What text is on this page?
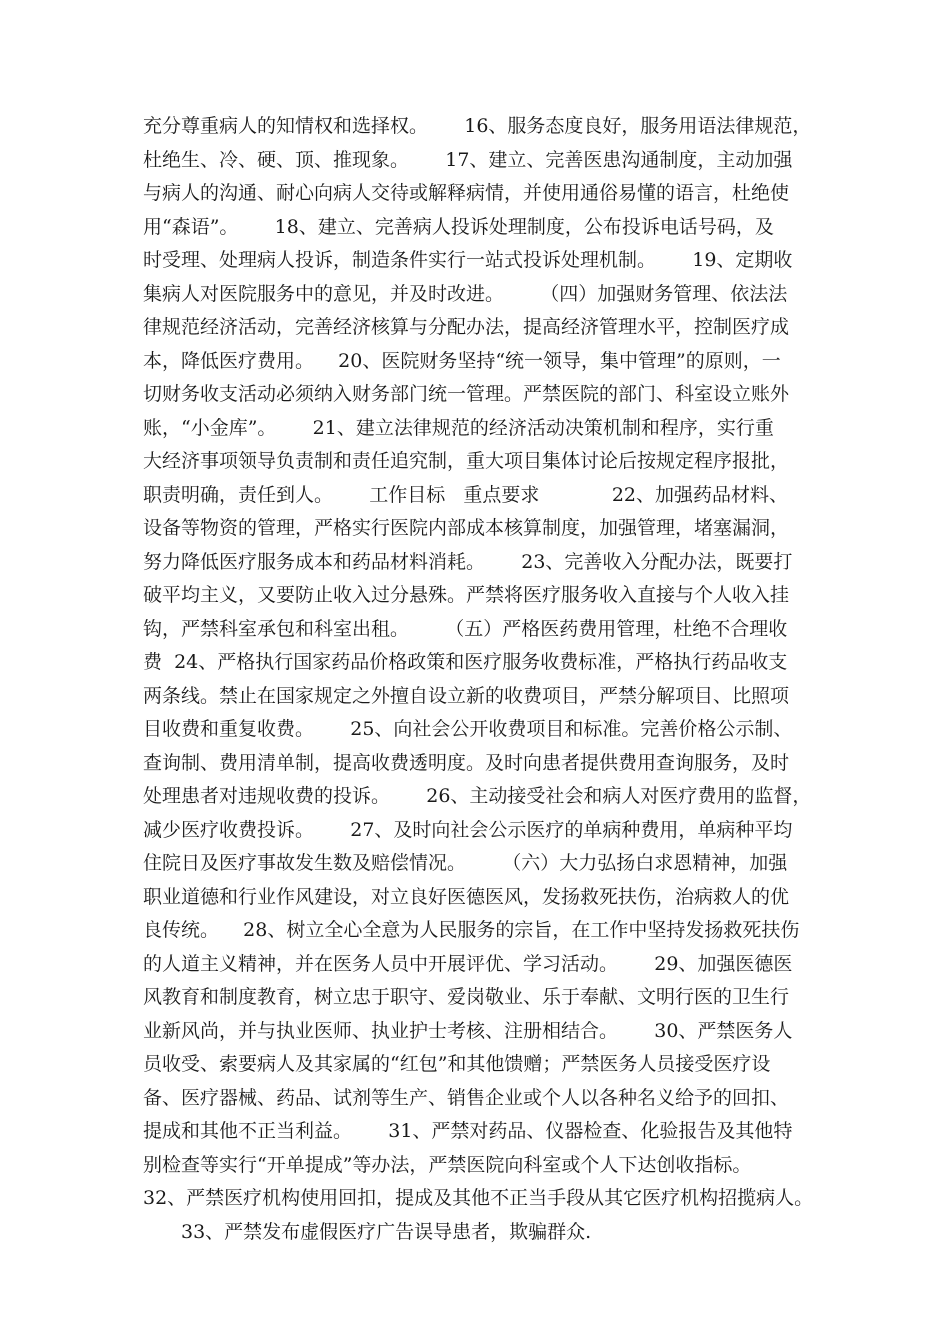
充分尊重病人的知情权和选择权。      16、服务态度良好，服务用语法律规范，
杜绝生、冷、硬、顶、推现象。      17、建立、完善医患沟通制度，主动加强
与病人的沟通、耐心向病人交待或解释病情，并使用通俗易懂的语言，杜绝使
用“森语”。      18、建立、完善病人投诉处理制度，公布投诉电话号码，及
时受理、处理病人投诉，制造条件实行一站式投诉处理机制。      19、定期收
集病人对医院服务中的意见，并及时改进。      （四）加强财务管理、依法法
律规范经济活动，完善经济核算与分配办法，提高经济管理水平，控制医疗成
本，降低医疗费用。    20、医院财务坚持“统一领导，集中管理”的原则，一
切财务收支活动必须纳入财务部门统一管理。严禁医院的部门、科室设立账外
账，“小金库”。      21、建立法律规范的经济活动决策机制和程序，实行重
大经济事项领导负责制和责任追究制，重大项目集体讨论后按规定程序报批，
职责明确，责任到人。      工作目标   重点要求            22、加强药品材料、
设备等物资的管理，严格实行医院内部成本核算制度，加强管理，堵塞漏洞，
努力降低医疗服务成本和药品材料消耗。      23、完善收入分配办法，既要打
破平均主义，又要防止收入过分悬殊。严禁将医疗服务收入直接与个人收入挂
钩，严禁科室承包和科室出租。      （五）严格医药费用管理，杜绝不合理收
费  24、严格执行国家药品价格政策和医疗服务收费标准，严格执行药品收支
两条线。禁止在国家规定之外擅自设立新的收费项目，严禁分解项目、比照项
目收费和重复收费。      25、向社会公开收费项目和标准。完善价格公示制、
查询制、费用清单制，提高收费透明度。及时向患者提供费用查询服务，及时
处理患者对违规收费的投诉。      26、主动接受社会和病人对医疗费用的监督，
减少医疗收费投诉。      27、及时向社会公示医疗的单病种费用，单病种平均
住院日及医疗事故发生数及赔偿情况。      （六）大力弘扬白求恩精神，加强
职业道德和行业作风建设，对立良好医德医风，发扬救死扶伤，治病救人的优
良传统。    28、树立全心全意为人民服务的宗旨，在工作中坚持发扬救死扶伤
的人道主义精神，并在医务人员中开展评优、学习活动。      29、加强医德医
风教育和制度教育，树立忠于职守、爱岗敬业、乐于奉献、文明行医的卫生行
业新风尚，并与执业医师、执业护士考核、注册相结合。      30、严禁医务人
员收受、索要病人及其家属的“红包”和其他馈赠；严禁医务人员接受医疗设
备、医疗器械、药品、试剂等生产、销售企业或个人以各种名义给予的回扣、
提成和其他不正当利益。      31、严禁对药品、仪器检查、化验报告及其他特
别检查等实行“开单提成”等办法，严禁医院向科室或个人下达创收指标。
32、严禁医疗机构使用回扣，提成及其他不正当手段从其它医疗机构招揽病人。
33、严禁发布虚假医疗广告误导患者，欺骗群众.
